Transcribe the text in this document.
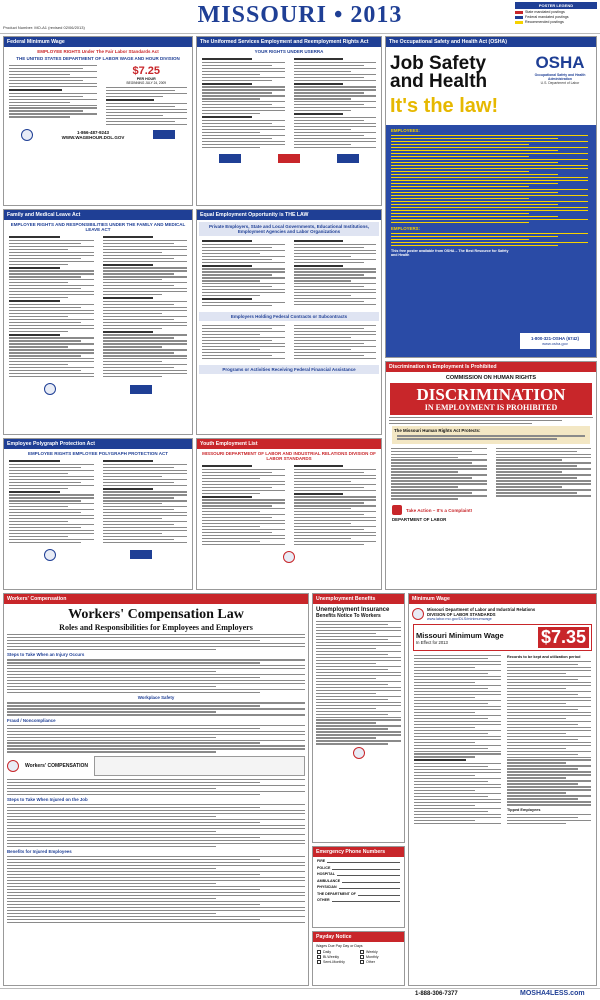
Product Number: MO-A1 (revised 02/06/2013)	MISSOURI • 2013	POSTER LEGEND
State mandated postings
Federal mandated postings
Recommended postings
Federal Minimum Wage
EMPLOYEE RIGHTS Under The Fair Labor Standards Act
THE UNITED STATES DEPARTMENT OF LABOR WAGE AND HOUR DIVISION
$7.25
PER HOUR
BEGINNING JULY 24, 2009
1-866-487-9243
WWW.WAGEHOUR.DOL.GOV
The Uniformed Services Employment and Reemployment Rights Act
YOUR RIGHTS UNDER USERRA
The Occupational Safety and Health Act (OSHA)
Job Safety
and Health
It's the law!
OSHA
Occupational Safety and Health Administration
U.S. Department of Labor
EMPLOYEES:
EMPLOYERS:
This free poster available from OSHA – The Best Resource for Safety and Health
1-800-321-OSHA (6742)
www.osha.gov
Family and Medical Leave Act
EMPLOYEE RIGHTS AND RESPONSIBILITIES UNDER THE FAMILY AND MEDICAL LEAVE ACT
Equal Employment Opportunity is THE LAW
Private Employers, State and Local Governments, Educational Institutions, Employment Agencies and Labor Organizations
Employers Holding Federal Contracts or Subcontracts
Programs or Activities Receiving Federal Financial Assistance
Employee Polygraph Protection Act
EMPLOYEE RIGHTS EMPLOYEE POLYGRAPH PROTECTION ACT
Youth Employment List
MISSOURI DEPARTMENT OF LABOR AND INDUSTRIAL RELATIONS DIVISION OF LABOR STANDARDS
Discrimination in Employment Is Prohibited
COMMISSION ON HUMAN RIGHTS
DISCRIMINATION
IN EMPLOYMENT IS PROHIBITED
The Missouri Human Rights Act Protects:
Take Action – It's a Complaint!
DEPARTMENT OF LABOR
Workers' Compensation
Workers' Compensation Law
Roles and Responsibilities for Employees and Employers
Steps to Take When an Injury Occurs
Workplace Safety
Fraud / Noncompliance
Workers' COMPENSATION
Steps to Take When Injured on the Job
Benefits for Injured Employees
Unemployment Benefits
Unemployment Insurance
Benefits Notice To Workers
Emergency Phone Numbers
FIRE
POLICE
HOSPITAL
AMBULANCE
PHYSICIAN
THE DEPARTMENT OF
OTHER
Payday Notice
Wages Due Pay Day or Days
Daily	Weekly
Bi-Weekly	Monthly
Semi-Monthly	Other
Minimum Wage
Missouri Department of Labor and Industrial Relations
DIVISION OF LABOR STANDARDS
www.labor.mo.gov/DLS/minimumwage
Missouri Minimum Wage
In Effect for 2013	$7.35
Records to be kept and utilization period
Tipped Employees
1-888-306-7377	MOSHA4LESS.com
